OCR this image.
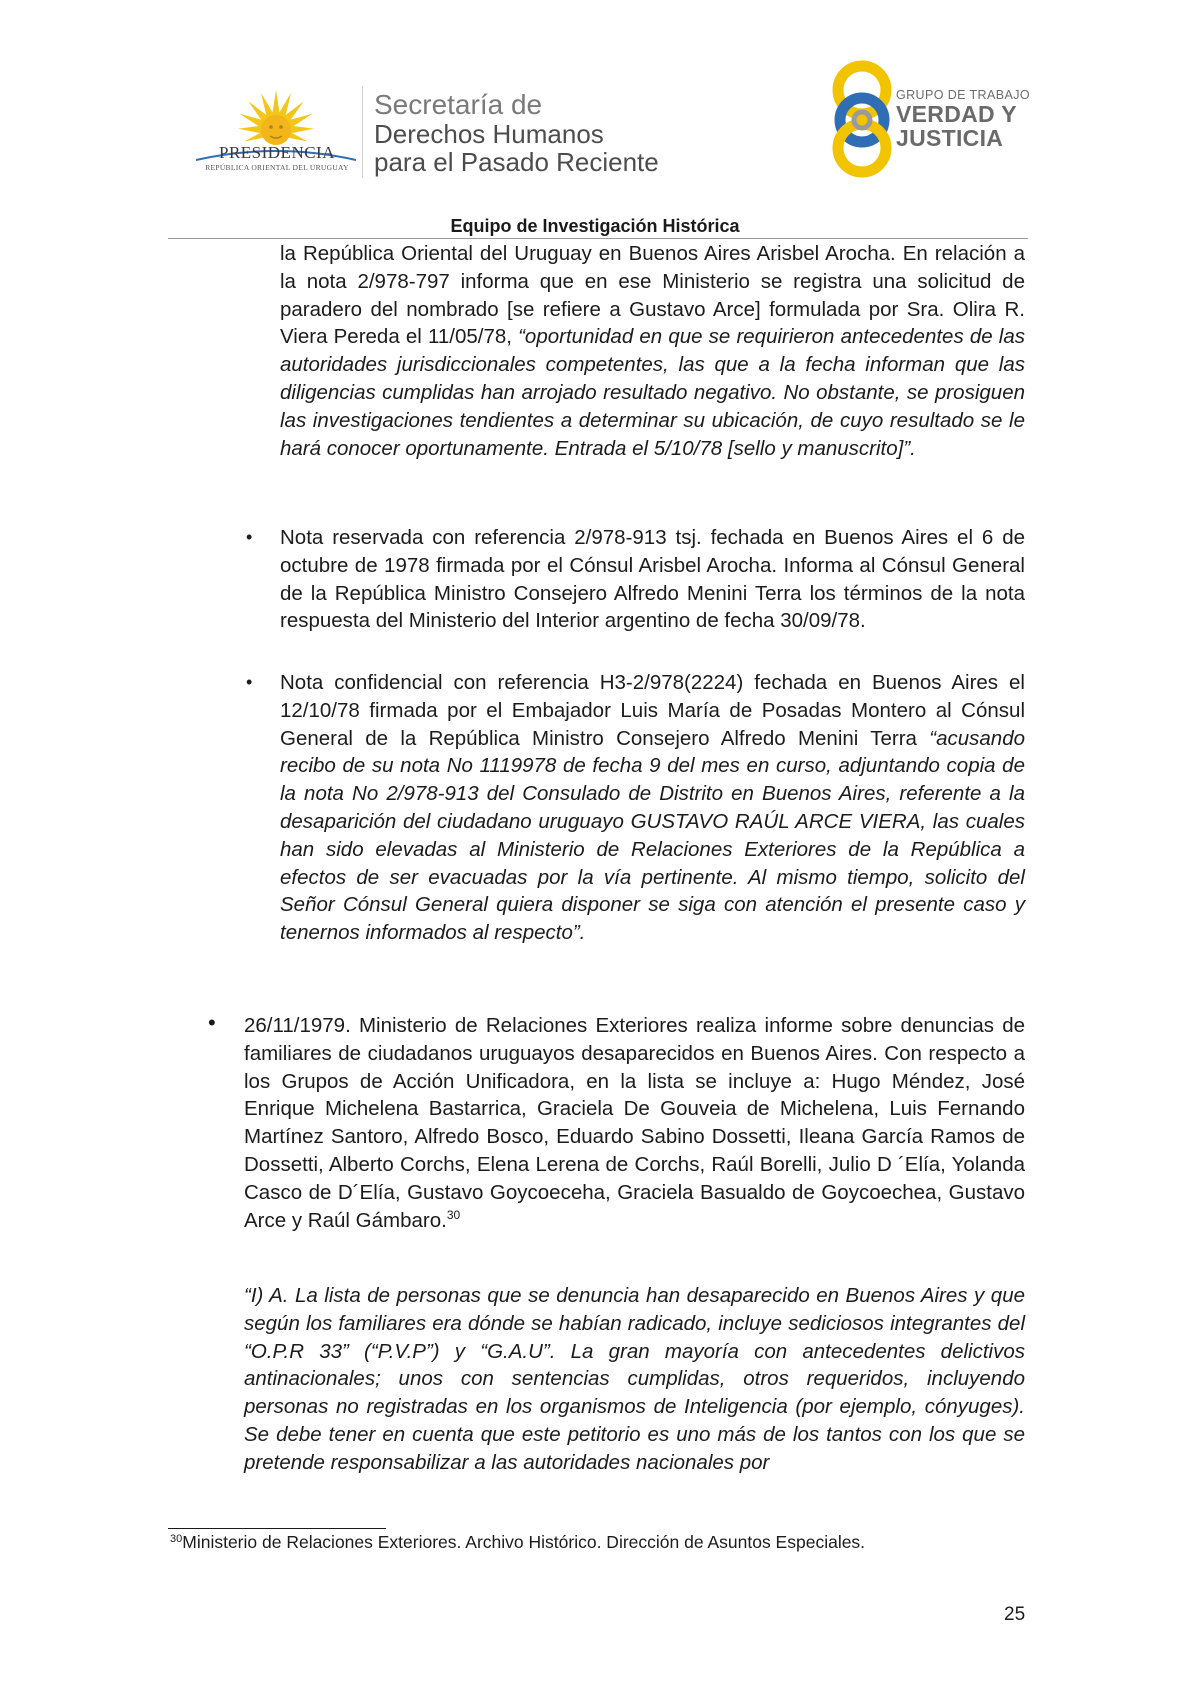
PRESIDENCIA
REPÚBLICA ORIENTAL DEL URUGUAY
Secretaría de
Derechos Humanos
para el Pasado Reciente
GRUPO DE TRABAJO
VERDAD Y
JUSTICIA
Equipo de Investigación Histórica
la República Oriental del Uruguay en Buenos Aires Arisbel Arocha. En relación a la nota 2/978-797 informa que en ese Ministerio se registra una solicitud de paradero del nombrado [se refiere a Gustavo Arce] formulada por Sra. Olira R. Viera Pereda el 11/05/78, “oportunidad en que se requirieron antecedentes de las autoridades jurisdiccionales competentes, las que a la fecha informan que las diligencias cumplidas han arrojado resultado negativo. No obstante, se prosiguen las investigaciones tendientes a determinar su ubicación, de cuyo resultado se le hará conocer oportunamente. Entrada el 5/10/78 [sello y manuscrito]”.
• Nota reservada con referencia 2/978-913 tsj. fechada en Buenos Aires el 6 de octubre de 1978 firmada por el Cónsul Arisbel Arocha. Informa al Cónsul General de la República Ministro Consejero Alfredo Menini Terra los términos de la nota respuesta del Ministerio del Interior argentino de fecha 30/09/78.
• Nota confidencial con referencia H3-2/978(2224) fechada en Buenos Aires el 12/10/78 firmada por el Embajador Luis María de Posadas Montero al Cónsul General de la República Ministro Consejero Alfredo Menini Terra “acusando recibo de su nota No 1119978 de fecha 9 del mes en curso, adjuntando copia de la nota No 2/978-913 del Consulado de Distrito en Buenos Aires, referente a la desaparición del ciudadano uruguayo GUSTAVO RAÚL ARCE VIERA, las cuales han sido elevadas al Ministerio de Relaciones Exteriores de la República a efectos de ser evacuadas por la vía pertinente. Al mismo tiempo, solicito del Señor Cónsul General quiera disponer se siga con atención el presente caso y tenernos informados al respecto”.
• 26/11/1979. Ministerio de Relaciones Exteriores realiza informe sobre denuncias de familiares de ciudadanos uruguayos desaparecidos en Buenos Aires. Con respecto a los Grupos de Acción Unificadora, en la lista se incluye a: Hugo Méndez, José Enrique Michelena Bastarrica, Graciela De Gouveia de Michelena, Luis Fernando Martínez Santoro, Alfredo Bosco, Eduardo Sabino Dossetti, Ileana García Ramos de Dossetti, Alberto Corchs, Elena Lerena de Corchs, Raúl Borelli, Julio D ´Elía, Yolanda Casco de D´Elía, Gustavo Goycoeceha, Graciela Basualdo de Goycoechea, Gustavo Arce y Raúl Gámbaro.$^{30}$
“I) A. La lista de personas que se denuncia han desaparecido en Buenos Aires y que según los familiares era dónde se habían radicado, incluye sediciosos integrantes del “O.P.R 33” (“P.V.P”) y “G.A.U”. La gran mayoría con antecedentes delictivos antinacionales; unos con sentencias cumplidas, otros requeridos, incluyendo personas no registradas en los organismos de Inteligencia (por ejemplo, cónyuges). Se debe tener en cuenta que este petitorio es uno más de los tantos con los que se pretende responsabilizar a las autoridades nacionales por
$^{30}$Ministerio de Relaciones Exteriores. Archivo Histórico. Dirección de Asuntos Especiales.
25
